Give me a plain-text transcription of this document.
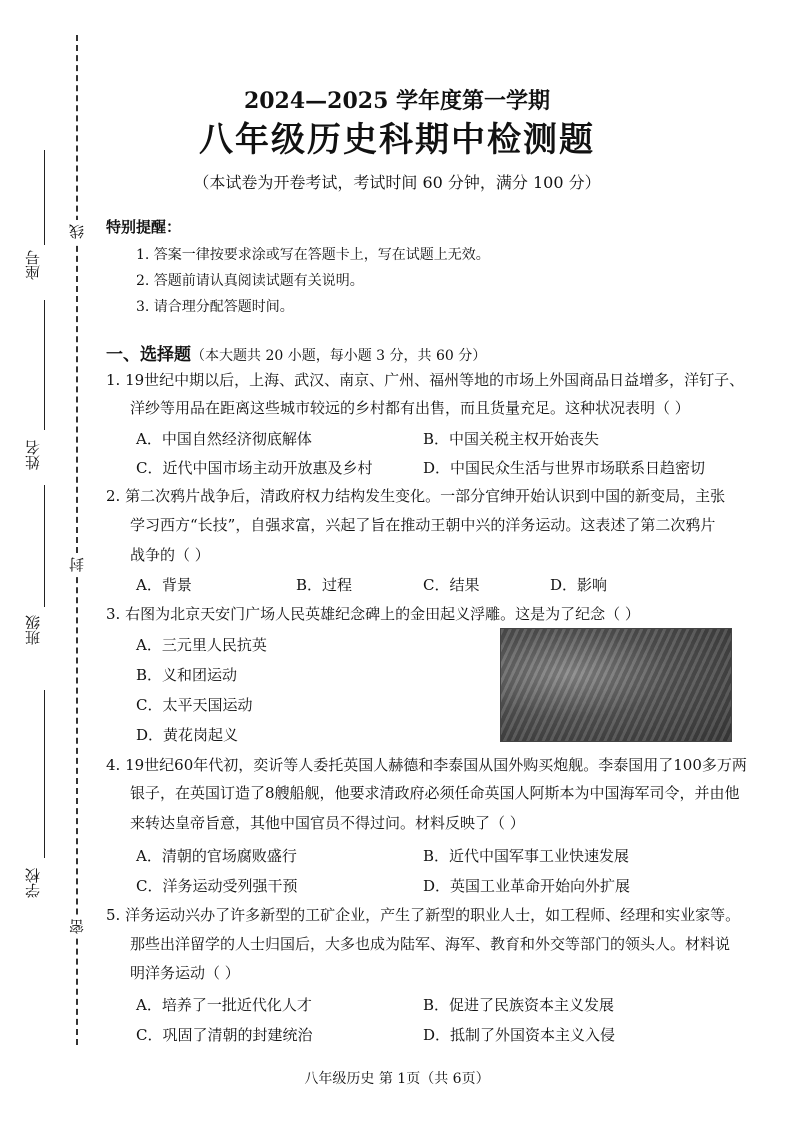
线
封
密
座号
姓名
班级
学校
2024—2025 学年度第一学期
八年级历史科期中检测题
（本试卷为开卷考试，考试时间 60 分钟，满分 100 分）
特别提醒：
1. 答案一律按要求涂或写在答题卡上，写在试题上无效。
2. 答题前请认真阅读试题有关说明。
3. 请合理分配答题时间。
一、选择题（本大题共 20 小题，每小题 3 分，共 60 分）
1. 19世纪中期以后，上海、武汉、南京、广州、福州等地的市场上外国商品日益增多，洋钉子、
洋纱等用品在距离这些城市较远的乡村都有出售，而且货量充足。这种状况表明（ ）
A．中国自然经济彻底解体	B．中国关税主权开始丧失
C．近代中国市场主动开放惠及乡村	D．中国民众生活与世界市场联系日趋密切
2. 第二次鸦片战争后，清政府权力结构发生变化。一部分官绅开始认识到中国的新变局，主张
学习西方“长技”，自强求富，兴起了旨在推动王朝中兴的洋务运动。这表述了第二次鸦片
战争的（ ）
A．背景	B．过程	C．结果	D．影响
3. 右图为北京天安门广场人民英雄纪念碑上的金田起义浮雕。这是为了纪念（ ）
A．三元里人民抗英
B．义和团运动
C．太平天国运动
D．黄花岗起义
4. 19世纪60年代初，奕䜣等人委托英国人赫德和李泰国从国外购买炮舰。李泰国用了100多万两
银子，在英国订造了8艘船舰，他要求清政府必须任命英国人阿斯本为中国海军司令，并由他
来转达皇帝旨意，其他中国官员不得过问。材料反映了（ ）
A．清朝的官场腐败盛行	B．近代中国军事工业快速发展
C．洋务运动受列强干预	D．英国工业革命开始向外扩展
5. 洋务运动兴办了许多新型的工矿企业，产生了新型的职业人士，如工程师、经理和实业家等。
那些出洋留学的人士归国后，大多也成为陆军、海军、教育和外交等部门的领头人。材料说
明洋务运动（ ）
A．培养了一批近代化人才	B．促进了民族资本主义发展
C．巩固了清朝的封建统治	D．抵制了外国资本主义入侵
八年级历史 第 1页（共 6页）
